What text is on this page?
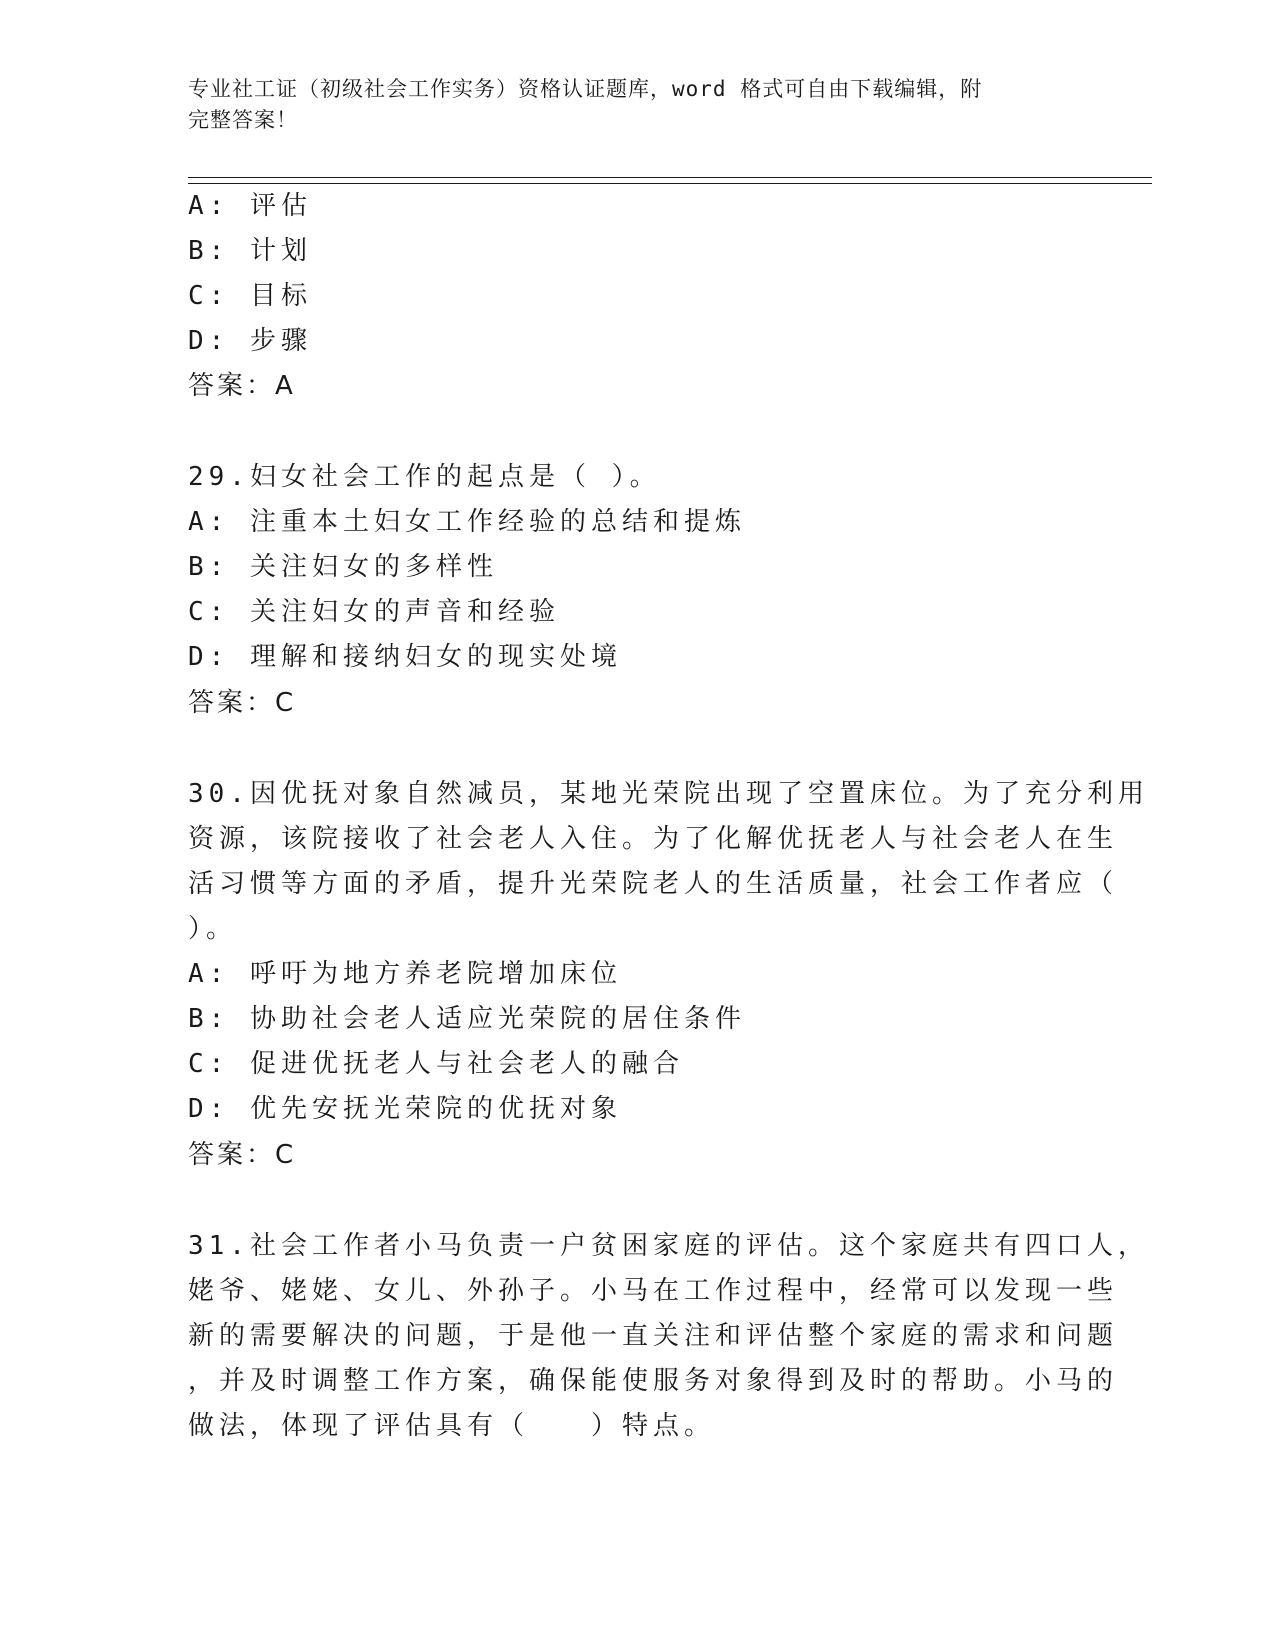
专业社工证（初级社会工作实务）资格认证题库，word 格式可自由下载编辑，附
完整答案！
A: 评估
B: 计划
C: 目标
D: 步骤
答案：A
29.妇女社会工作的起点是（ ）。
A: 注重本土妇女工作经验的总结和提炼
B: 关注妇女的多样性
C: 关注妇女的声音和经验
D: 理解和接纳妇女的现实处境
答案：C
30.因优抚对象自然减员，某地光荣院出现了空置床位。为了充分利用
资源，该院接收了社会老人入住。为了化解优抚老人与社会老人在生
活习惯等方面的矛盾，提升光荣院老人的生活质量，社会工作者应（
）。
A: 呼吁为地方养老院增加床位
B: 协助社会老人适应光荣院的居住条件
C: 促进优抚老人与社会老人的融合
D: 优先安抚光荣院的优抚对象
答案：C
31.社会工作者小马负责一户贫困家庭的评估。这个家庭共有四口人，
姥爷、姥姥、女儿、外孙子。小马在工作过程中，经常可以发现一些
新的需要解决的问题，于是他一直关注和评估整个家庭的需求和问题
，并及时调整工作方案，确保能使服务对象得到及时的帮助。小马的
做法，体现了评估具有（　　）特点。
